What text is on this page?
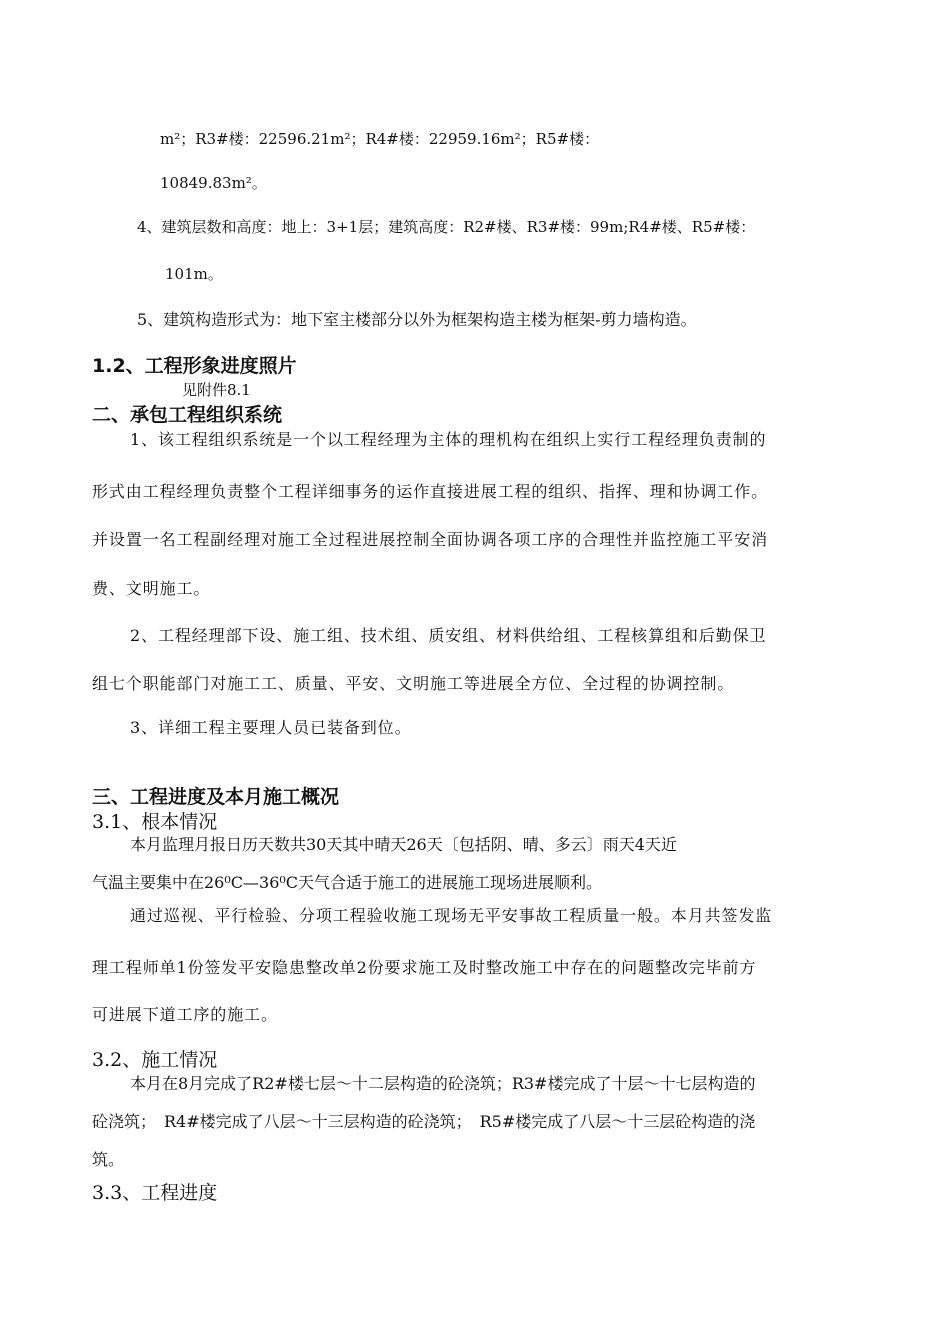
m²；R3#楼：22596.21m²；R4#楼：22959.16m²；R5#楼：
10849.83m²。
4、建筑层数和高度：地上：3+1层；建筑高度：R2#楼、R3#楼：99m;R4#楼、R5#楼：
101m。
5、建筑构造形式为：地下室主楼部分以外为框架构造主楼为框架-剪力墙构造。
1.2、工程形象进度照片
见附件8.1
二、承包工程组织系统
1、该工程组织系统是一个以工程经理为主体的理机构在组织上实行工程经理负责制的
形式由工程经理负责整个工程详细事务的运作直接进展工程的组织、指挥、理和协调工作。
并设置一名工程副经理对施工全过程进展控制全面协调各项工序的合理性并监控施工平安消
费、文明施工。
2、工程经理部下设、施工组、技术组、质安组、材料供给组、工程核算组和后勤保卫
组七个职能部门对施工工、质量、平安、文明施工等进展全方位、全过程的协调控制。
3、详细工程主要理人员已装备到位。
三、工程进度及本月施工概况
3.1、根本情况
本月监理月报日历天数共30天其中晴天26天〔包括阴、晴、多云〕雨天4天近
气温主要集中在26⁰C—36⁰C天气合适于施工的进展施工现场进展顺利。
通过巡视、平行检验、分项工程验收施工现场无平安事故工程质量一般。本月共签发监
理工程师单1份签发平安隐患整改单2份要求施工及时整改施工中存在的问题整改完毕前方
可进展下道工序的施工。
3.2、施工情况
本月在8月完成了R2#楼七层～十二层构造的砼浇筑；R3#楼完成了十层～十七层构造的
砼浇筑；　R4#楼完成了八层～十三层构造的砼浇筑；　R5#楼完成了八层～十三层砼构造的浇
筑。
3.3、工程进度
